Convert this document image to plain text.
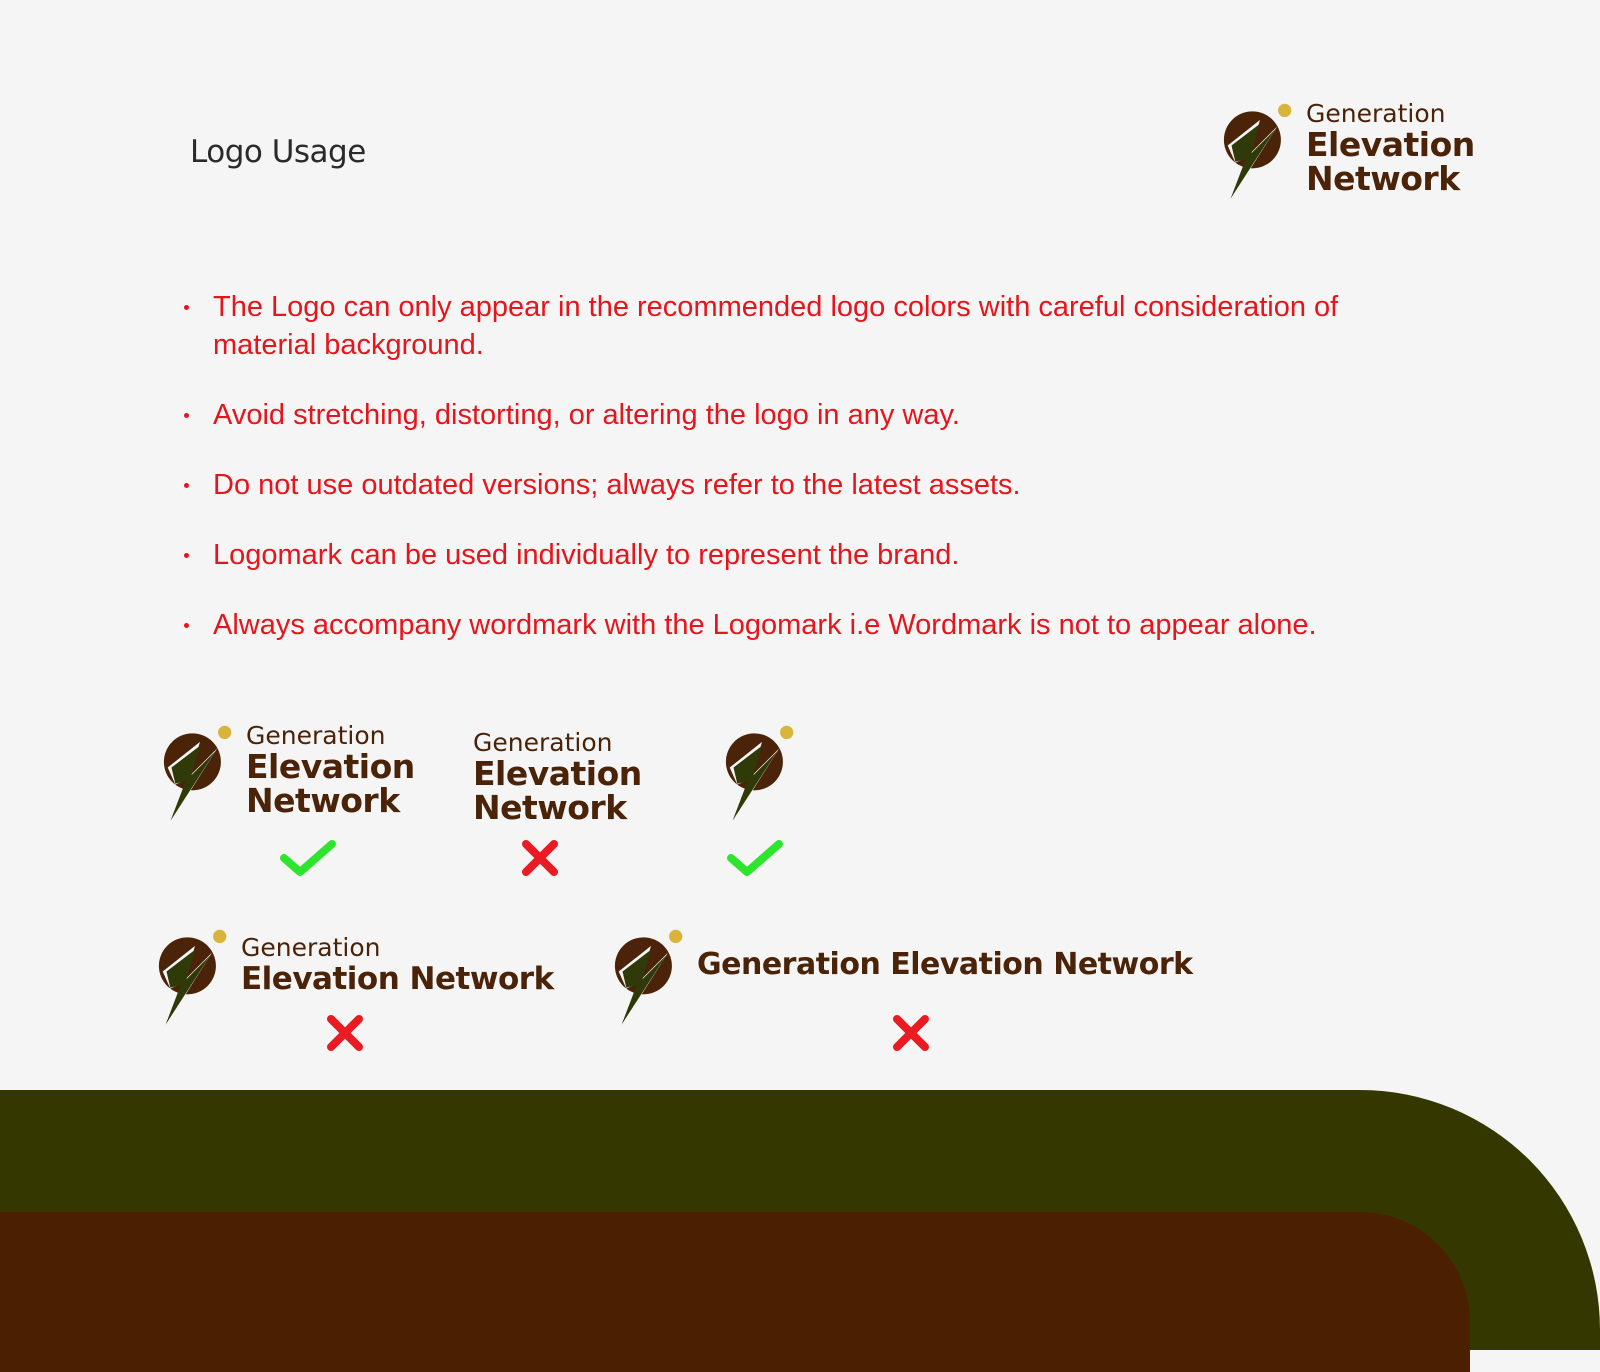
Logo Usage
Generation
Elevation
Network
The Logo can only appear in the recommended logo colors with careful consideration of material background.
Avoid stretching, distorting, or altering the logo in any way.
Do not use outdated versions; always refer to the latest assets.
Logomark can be used individually to represent the brand.
Always accompany wordmark with the Logomark i.e Wordmark is not to appear alone.
Generation
Elevation
Network
Generation
Elevation
Network
Generation
Elevation Network	Generation Elevation Network
